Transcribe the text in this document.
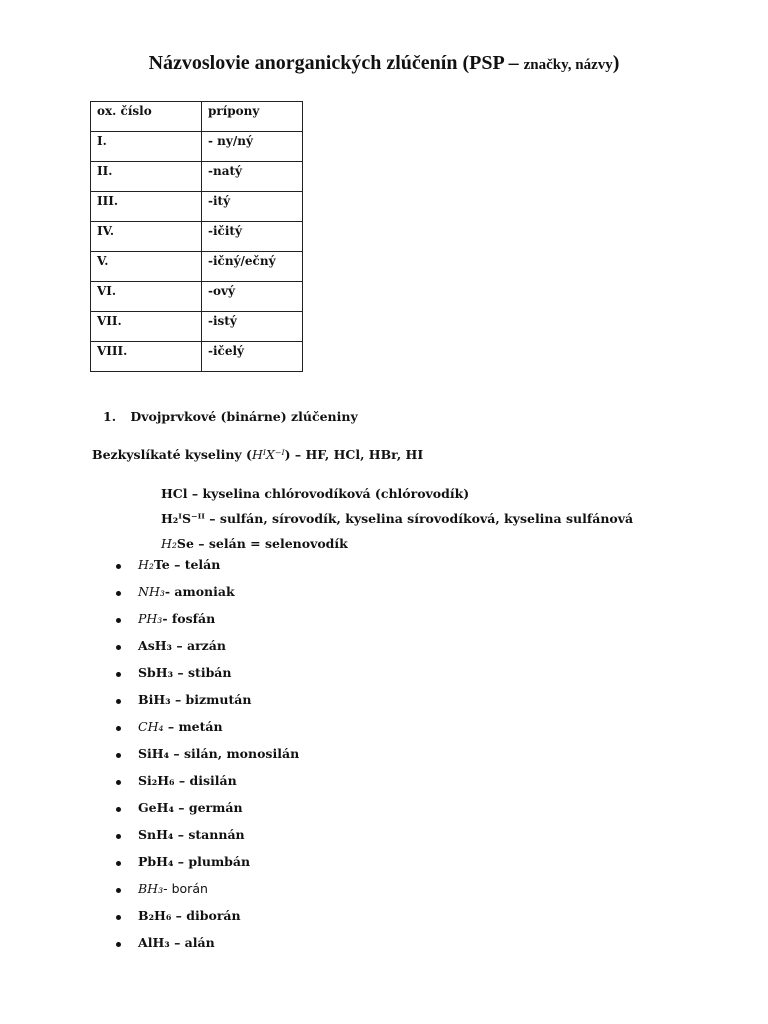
Názvoslovie anorganických zlúčenín (PSP – značky, názvy)
ox. číslo	prípony
I.	- ny/ný
II.	-natý
III.	-itý
IV.	-ičitý
V.	-ičný/ečný
VI.	-ový
VII.	-istý
VIII.	-ičelý
1. Dvojprvkové (binárne) zlúčeniny
Bezkyslíkaté kyseliny (HᴵX⁻ᴵ) – HF, HCl, HBr, HI
HCl – kyselina chlórovodíková (chlórovodík)
H₂ᴵS⁻ᴵᴵ – sulfán, sírovodík, kyselina sírovodíková, kyselina sulfánová
H₂Se – selán = selenovodík
H₂Te – telán
NH₃- amoniak
PH₃- fosfán
AsH₃ – arzán
SbH₃ – stibán
BiH₃ – bizmután
CH₄ – metán
SiH₄ – silán, monosilán
Si₂H₆ – disilán
GeH₄ – germán
SnH₄ – stannán
PbH₄ – plumbán
BH₃- borán
B₂H₆ – diborán
AlH₃ – alán
